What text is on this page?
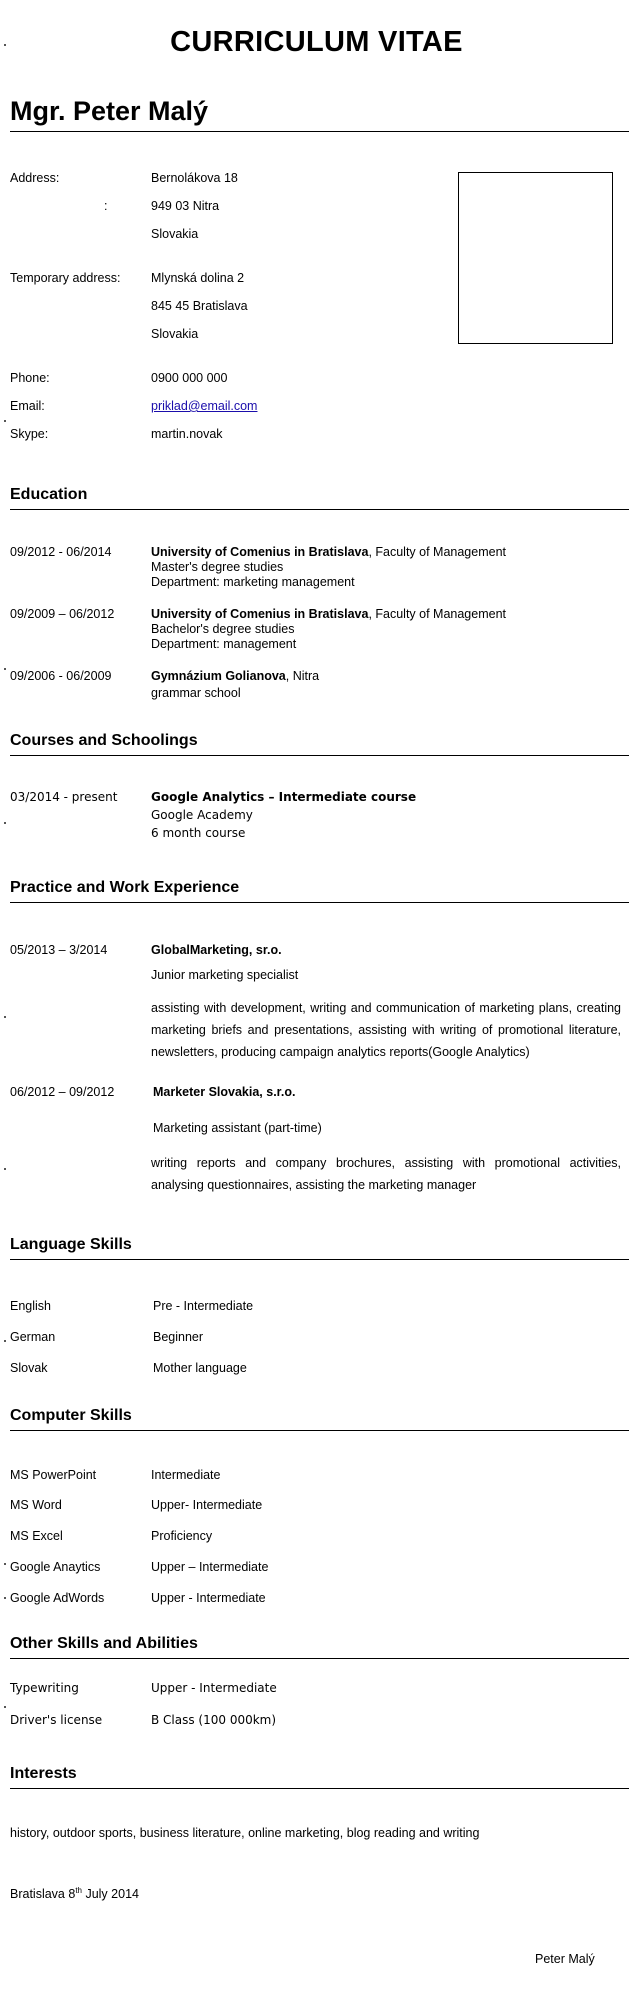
CURRICULUM VITAE
Mgr. Peter Malý
Address:	Bernolákova 18
:	949 03 Nitra
Slovakia
Temporary address: Mlynská dolina 2
845 45 Bratislava
Slovakia
Phone:	0900 000 000
Email:	priklad@email.com
Skype:	martin.novak
Education
09/2012 - 06/2014	University of Comenius in Bratislava, Faculty of Management
Master's degree studies
Department: marketing management
09/2009 – 06/2012	University of Comenius in Bratislava, Faculty of Management
Bachelor's degree studies
Department: management
09/2006 - 06/2009	Gymnázium Golianova, Nitra
grammar school
Courses and Schoolings
03/2014 - present	Google Analytics – Intermediate course
Google Academy
6 month course
Practice and Work Experience
05/2013 – 3/2014	GlobalMarketing, sr.o.
Junior marketing specialist
assisting with development, writing and communication of marketing plans, creating marketing briefs and presentations, assisting with writing of promotional literature, newsletters, producing campaign analytics reports(Google Analytics)
06/2012 – 09/2012	Marketer Slovakia, s.r.o.
Marketing assistant (part-time)
writing reports and company brochures, assisting with promotional activities, analysing questionnaires, assisting the marketing manager
Language Skills
English	Pre - Intermediate
German	Beginner
Slovak	Mother language
Computer Skills
MS PowerPoint	Intermediate
MS Word	Upper- Intermediate
MS Excel	Proficiency
Google Anaytics	Upper – Intermediate
Google AdWords	Upper - Intermediate
Other Skills and Abilities
Typewriting	Upper - Intermediate
Driver's license	B Class (100 000km)
Interests
history, outdoor sports, business literature, online marketing, blog reading and writing
Bratislava 8th July 2014
Peter Malý
